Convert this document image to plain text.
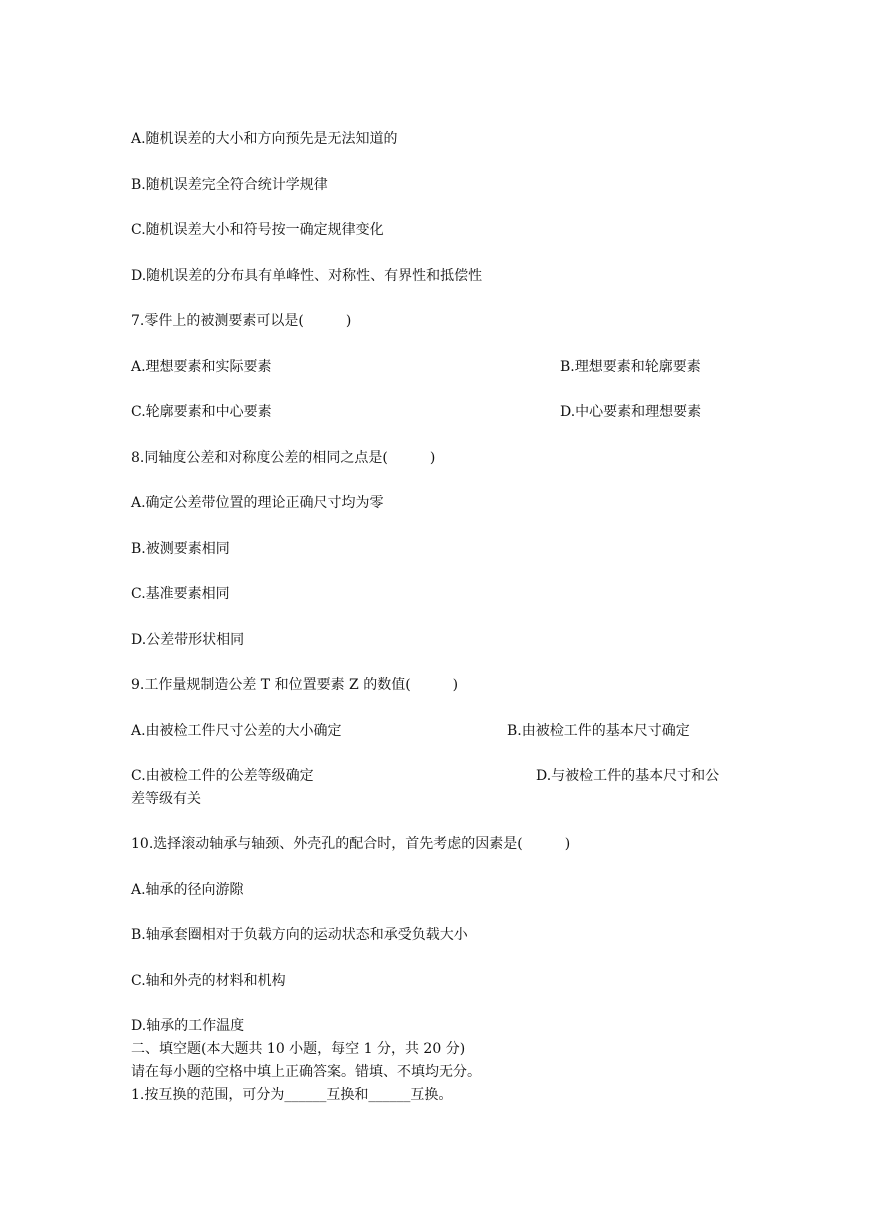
A.随机误差的大小和方向预先是无法知道的
B.随机误差完全符合统计学规律
C.随机误差大小和符号按一确定规律变化
D.随机误差的分布具有单峰性、对称性、有界性和抵偿性
7.零件上的被测要素可以是(　　　)
A.理想要素和实际要素	B.理想要素和轮廓要素
C.轮廓要素和中心要素	D.中心要素和理想要素
8.同轴度公差和对称度公差的相同之点是(　　　)
A.确定公差带位置的理论正确尺寸均为零
B.被测要素相同
C.基准要素相同
D.公差带形状相同
9.工作量规制造公差 T 和位置要素 Z 的数值(　　　)
A.由被检工件尺寸公差的大小确定	B.由被检工件的基本尺寸确定
C.由被检工件的公差等级确定	D.与被检工件的基本尺寸和公
差等级有关
10.选择滚动轴承与轴颈、外壳孔的配合时，首先考虑的因素是(　　　)
A.轴承的径向游隙
B.轴承套圈相对于负载方向的运动状态和承受负载大小
C.轴和外壳的材料和机构
D.轴承的工作温度
二、填空题(本大题共 10 小题，每空 1 分，共 20 分)
请在每小题的空格中填上正确答案。错填、不填均无分。
1.按互换的范围，可分为______互换和______互换。
